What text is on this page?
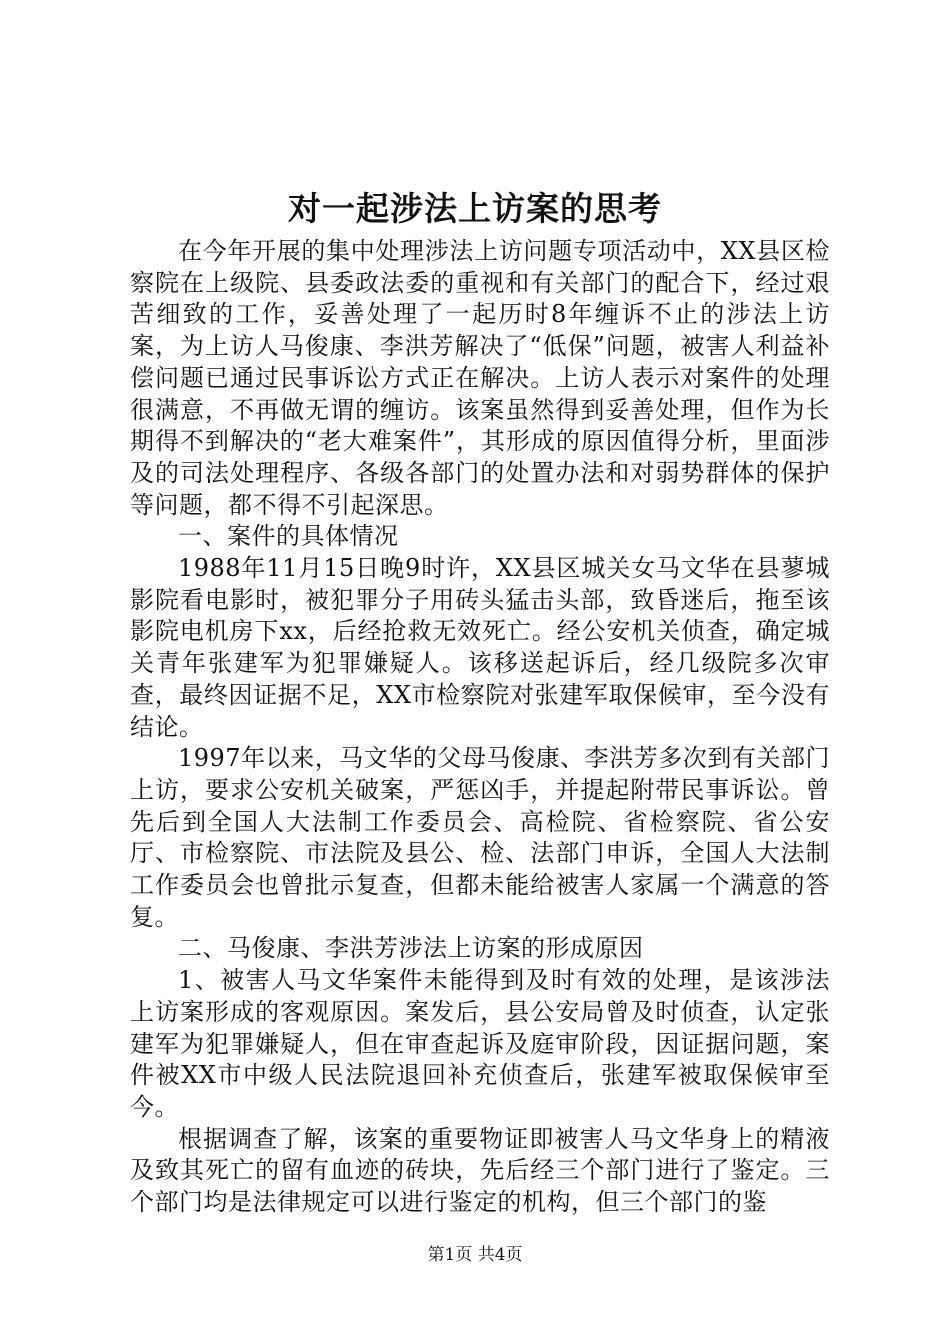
对一起涉法上访案的思考

在今年开展的集中处理涉法上访问题专项活动中，XX县区检察院在上级院、县委政法委的重视和有关部门的配合下，经过艰苦细致的工作，妥善处理了一起历时8年缠诉不止的涉法上访案，为上访人马俊康、李洪芳解决了“低保”问题，被害人利益补偿问题已通过民事诉讼方式正在解决。上访人表示对案件的处理很满意，不再做无谓的缠访。该案虽然得到妥善处理，但作为长期得不到解决的“老大难案件”，其形成的原因值得分析，里面涉及的司法处理程序、各级各部门的处置办法和对弱势群体的保护等问题，都不得不引起深思。

一、案件的具体情况

1988年11月15日晚9时许，XX县区城关女马文华在县蓼城影院看电影时，被犯罪分子用砖头猛击头部，致昏迷后，拖至该影院电机房下xx，后经抢救无效死亡。经公安机关侦查，确定城关青年张建军为犯罪嫌疑人。该移送起诉后，经几级院多次审查，最终因证据不足，XX市检察院对张建军取保候审，至今没有结论。

1997年以来，马文华的父母马俊康、李洪芳多次到有关部门上访，要求公安机关破案，严惩凶手，并提起附带民事诉讼。曾先后到全国人大法制工作委员会、高检院、省检察院、省公安厅、市检察院、市法院及县公、检、法部门申诉，全国人大法制工作委员会也曾批示复查，但都未能给被害人家属一个满意的答复。

二、马俊康、李洪芳涉法上访案的形成原因

1、被害人马文华案件未能得到及时有效的处理，是该涉法上访案形成的客观原因。案发后，县公安局曾及时侦查，认定张建军为犯罪嫌疑人，但在审查起诉及庭审阶段，因证据问题，案件被XX市中级人民法院退回补充侦查后，张建军被取保候审至今。

根据调查了解，该案的重要物证即被害人马文华身上的精液及致其死亡的留有血迹的砖块，先后经三个部门进行了鉴定。三个部门均是法律规定可以进行鉴定的机构，但三个部门的鉴

第1页 共4页
